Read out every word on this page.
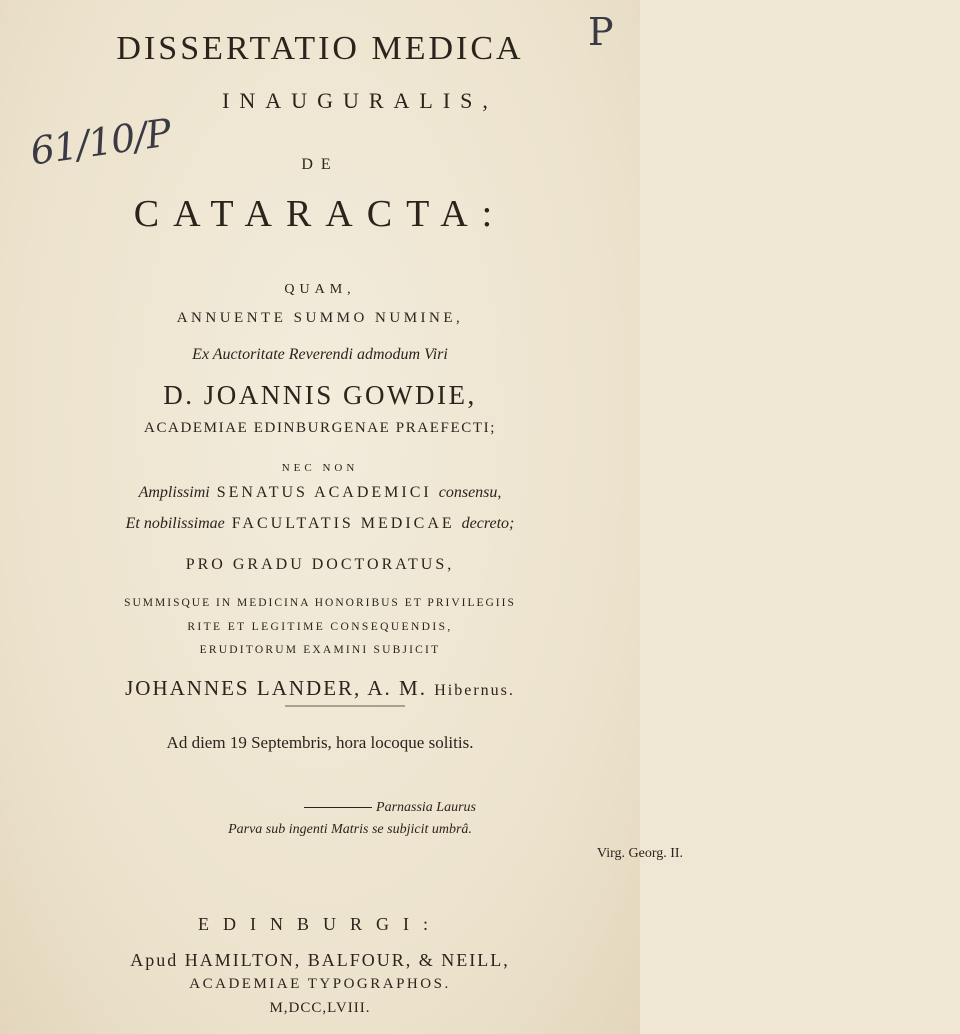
61/10/P
P
DISSERTATIO MEDICA
INAUGURALIS,
DE
CATARACTA:
QUAM,
ANNUENTE SUMMO NUMINE,
Ex Auctoritate Reverendi admodum Viri
D. JOANNIS GOWDIE,
ACADEMIAE EDINBURGENAE PRAEFECTI;
NEC NON
Amplissimi SENATUS ACADEMICI consensu,
Et nobilissimae FACULTATIS MEDICAE decreto;
PRO GRADU DOCTORATUS,
SUMMISQUE IN MEDICINA HONORIBUS ET PRIVILEGIIS
RITE ET LEGITIME CONSEQUENDIS,
ERUDITORUM EXAMINI SUBJICIT
JOHANNES LANDER, A. M. Hibernus.
Ad diem 19 Septembris, hora locoque solitis.
Parnassia Laurus
Parva sub ingenti Matris se subjicit umbrâ.
Virg. Georg. II.
EDINBURGI:
Apud HAMILTON, BALFOUR, & NEILL,
ACADEMIAE TYPOGRAPHOS.
M,DCC,LVIII.
